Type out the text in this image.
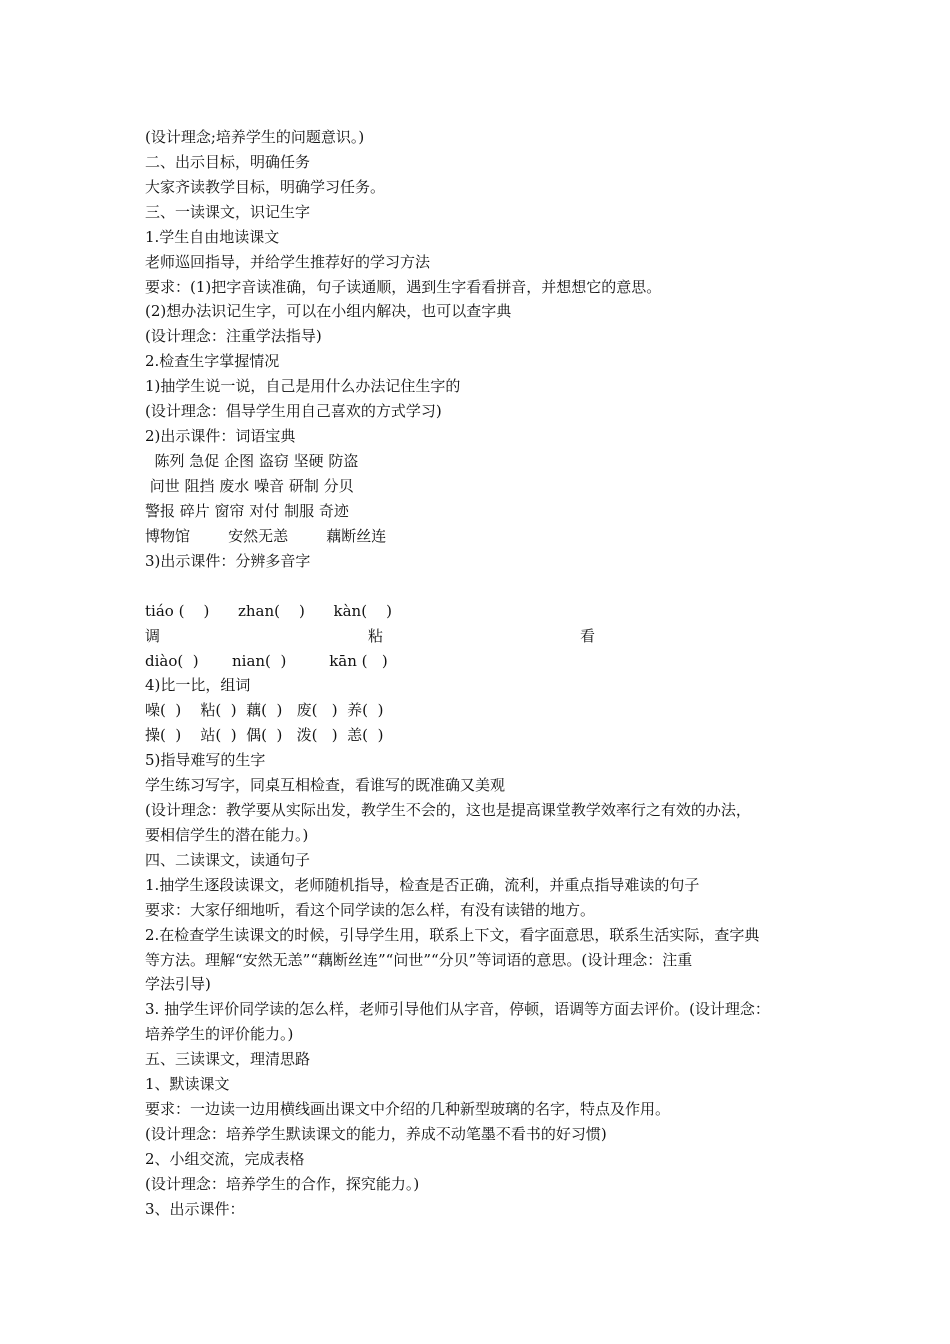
(设计理念;培养学生的问题意识。)

二、出示目标，明确任务

大家齐读教学目标，明确学习任务。

三、一读课文，识记生字

1.学生自由地读课文

老师巡回指导，并给学生推荐好的学习方法

要求：(1)把字音读准确，句子读通顺，遇到生字看看拼音，并想想它的意思。

(2)想办法识记生字，可以在小组内解决，也可以查字典

(设计理念：注重学法指导)

2.检查生字掌握情况

1)抽学生说一说，自己是用什么办法记住生字的

(设计理念：倡导学生用自己喜欢的方式学习)

2)出示课件：词语宝典

陈列 急促 企图 盗窃 坚硬 防盗

问世 阻挡 废水 噪音 研制 分贝

警报 碎片 窗帘 对付 制服 奇迹

博物馆        安然无恙        藕断丝连

3)出示课件：分辨多音字

tiáo (    )      zhan(    )      kàn(    )

调	粘	看

diào(  )       nian(  )         kān (   )

4)比一比，组词

噪(  )    粘(  )  藕(  )   废(   )  养(  )

操(  )    站(  )  偶(  )   泼(   )  恙(  )

5)指导难写的生字

学生练习写字，同桌互相检查，看谁写的既准确又美观

(设计理念：教学要从实际出发，教学生不会的，这也是提高课堂教学效率行之有效的办法，

要相信学生的潜在能力。)

四、二读课文，读通句子

1.抽学生逐段读课文，老师随机指导，检查是否正确，流利，并重点指导难读的句子

要求：大家仔细地听，看这个同学读的怎么样，有没有读错的地方。

2.在检查学生读课文的时候，引导学生用，联系上下文，看字面意思，联系生活实际，查字典

等方法。理解“安然无恙”“藕断丝连”“问世”“分贝”等词语的意思。(设计理念：注重

学法引导)

3. 抽学生评价同学读的怎么样，老师引导他们从字音，停顿，语调等方面去评价。(设计理念：

培养学生的评价能力。)

五、三读课文，理清思路

1、默读课文

要求：一边读一边用横线画出课文中介绍的几种新型玻璃的名字，特点及作用。

(设计理念：培养学生默读课文的能力，养成不动笔墨不看书的好习惯)

2、小组交流，完成表格

(设计理念：培养学生的合作，探究能力。)

3、出示课件：
